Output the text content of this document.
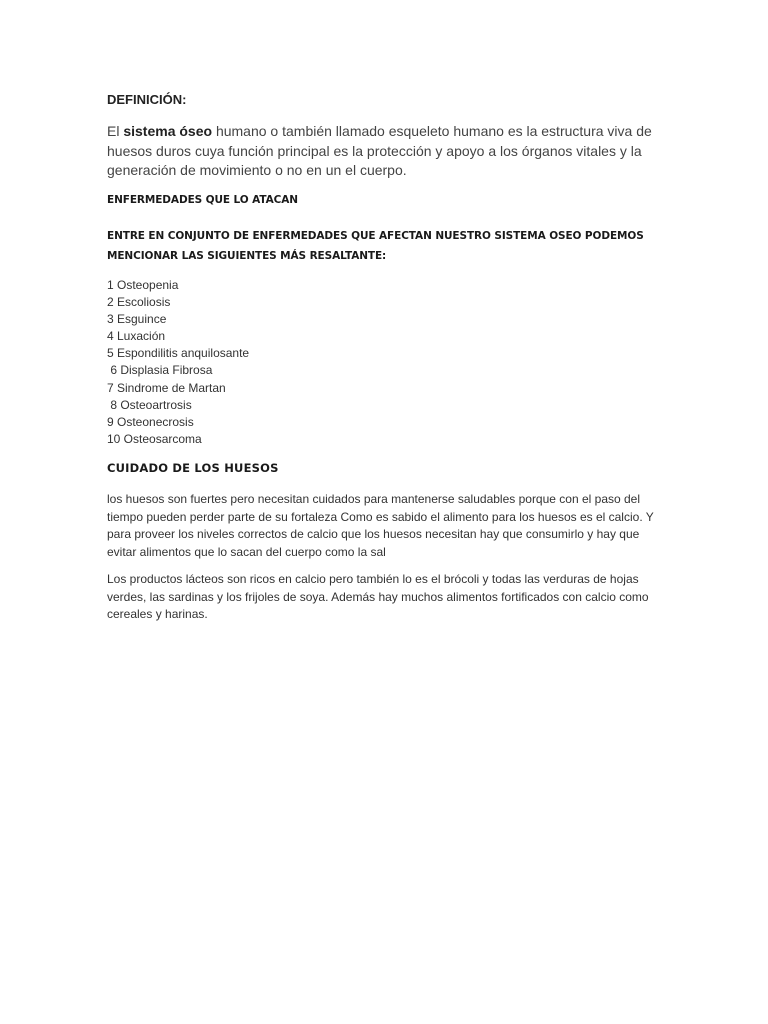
DEFINICIÓN:
El sistema óseo humano o también llamado esqueleto humano es la estructura viva de huesos duros cuya función principal es la protección y apoyo a los órganos vitales y la generación de movimiento o no en un el cuerpo.
ENFERMEDADES QUE LO ATACAN
ENTRE EN CONJUNTO DE ENFERMEDADES QUE AFECTAN NUESTRO SISTEMA OSEO PODEMOS MENCIONAR LAS SIGUIENTES MÁS RESALTANTE:
1 Osteopenia
2 Escoliosis
3 Esguince
4 Luxación
5 Espondilitis anquilosante
6 Displasia Fibrosa
7 Sindrome de Martan
8 Osteoartrosis
9 Osteonecrosis
10 Osteosarcoma
CUIDADO DE LOS HUESOS
los huesos son fuertes pero necesitan cuidados para mantenerse saludables porque con el paso del tiempo pueden perder parte de su fortaleza Como es sabido el alimento para los huesos es el calcio. Y para proveer los niveles correctos de calcio que los huesos necesitan hay que consumirlo y hay que evitar alimentos que lo sacan del cuerpo como la sal
Los productos lácteos son ricos en calcio pero también lo es el brócoli y todas las verduras de hojas verdes, las sardinas y los frijoles de soya. Además hay muchos alimentos fortificados con calcio como cereales y harinas.
